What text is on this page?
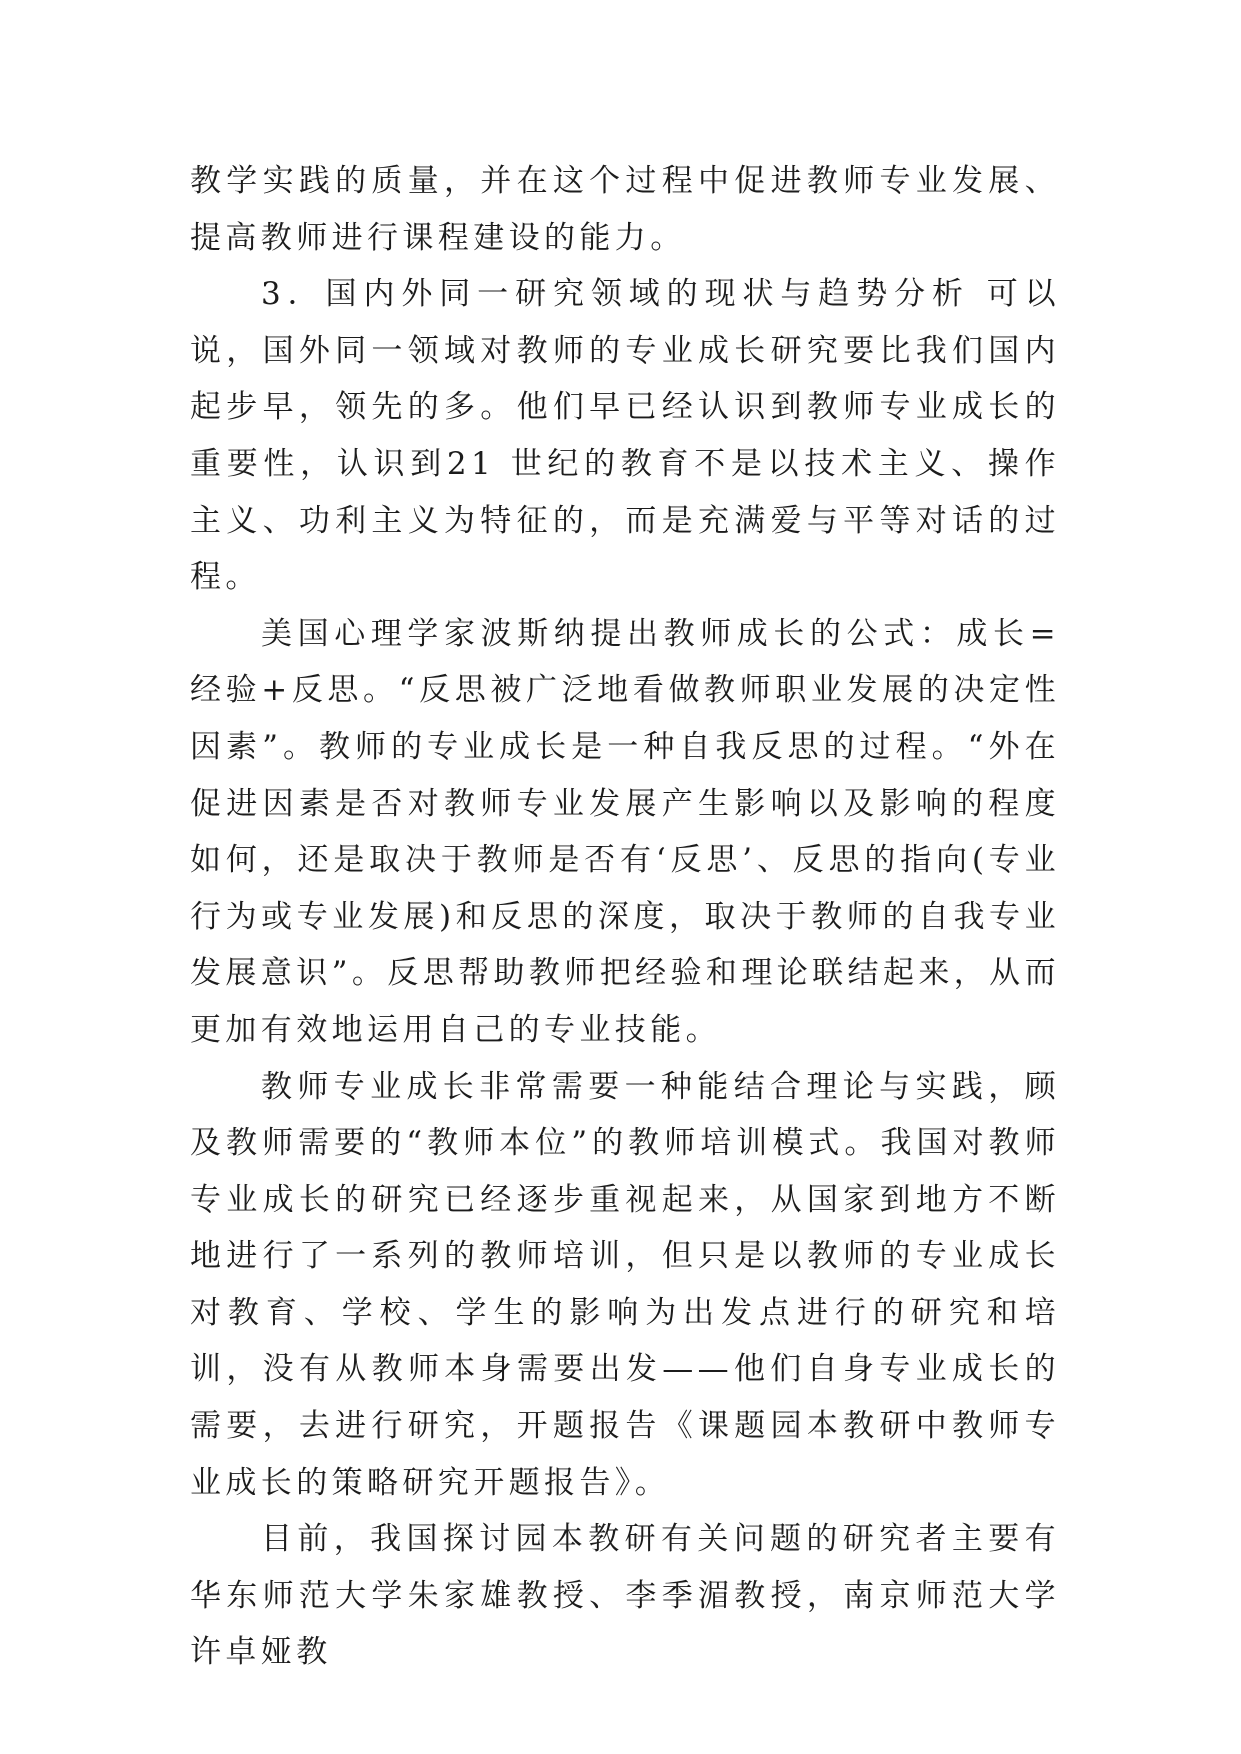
教学实践的质量，并在这个过程中促进教师专业发展、提高教师进行课程建设的能力。

3．国内外同一研究领域的现状与趋势分析 可以说，国外同一领域对教师的专业成长研究要比我们国内起步早，领先的多。他们早已经认识到教师专业成长的重要性，认识到21 世纪的教育不是以技术主义、操作主义、功利主义为特征的，而是充满爱与平等对话的过程。

美国心理学家波斯纳提出教师成长的公式：成长=经验+反思。“反思被广泛地看做教师职业发展的决定性因素”。教师的专业成长是一种自我反思的过程。“外在促进因素是否对教师专业发展产生影响以及影响的程度如何，还是取决于教师是否有‘反思’、反思的指向(专业行为或专业发展)和反思的深度，取决于教师的自我专业发展意识”。反思帮助教师把经验和理论联结起来，从而更加有效地运用自己的专业技能。

教师专业成长非常需要一种能结合理论与实践，顾及教师需要的“教师本位”的教师培训模式。我国对教师专业成长的研究已经逐步重视起来，从国家到地方不断地进行了一系列的教师培训，但只是以教师的专业成长对教育、学校、学生的影响为出发点进行的研究和培训，没有从教师本身需要出发——他们自身专业成长的需要，去进行研究，开题报告《课题园本教研中教师专业成长的策略研究开题报告》。

目前，我国探讨园本教研有关问题的研究者主要有华东师范大学朱家雄教授、李季湄教授，南京师范大学许卓娅教
